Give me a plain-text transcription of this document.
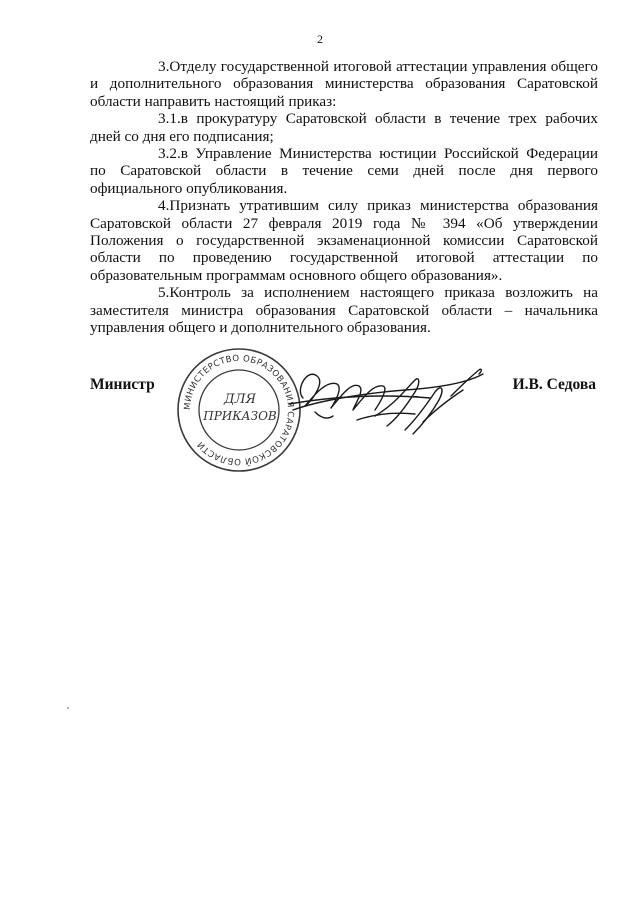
2

3.Отделу государственной итоговой аттестации управления общего и дополнительного образования министерства образования Саратовской области направить настоящий приказ:

3.1.в прокуратуру Саратовской области в течение трех рабочих дней со дня его подписания;

3.2.в Управление Министерства юстиции Российской Федерации по Саратовской области в течение семи дней после дня первого официального опубликования.

4.Признать утратившим силу приказ министерства образования Саратовской области 27 февраля 2019 года № 394 «Об утверждении Положения о государственной экзаменационной комиссии Саратовской области по проведению государственной итоговой аттестации по образовательным программам основного общего образования».

5.Контроль за исполнением настоящего приказа возложить на заместителя министра образования Саратовской области – начальника управления общего и дополнительного образования.

МИНИСТЕРСТВО ОБРАЗОВАНИЯ САРАТОВСКОЙ ОБЛАСТИ
ДЛЯ
ПРИКАЗОВ
Министр	И.В. Седова
